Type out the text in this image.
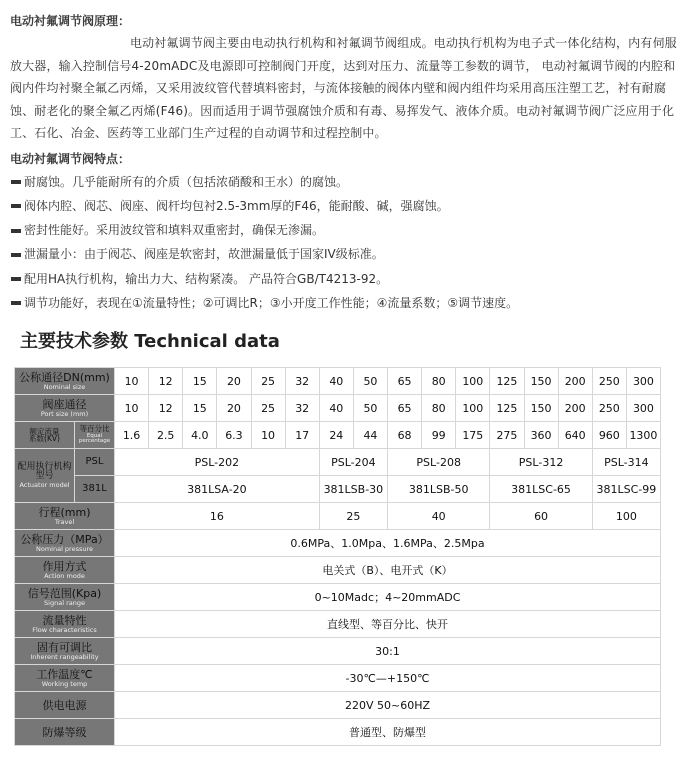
电动衬氟调节阀原理：

电动衬氟调节阀主要由电动执行机构和衬氟调节阀组成。电动执行机构为电子式一体化结构，内有伺服放大器，输入控制信号4-20mADC及电源即可控制阀门开度，达到对压力、流量等工参数的调节， 电动衬氟调节阀的内腔和阀内件均衬聚全氟乙丙烯，又采用波纹管代替填料密封，与流体接触的阀体内壁和阀内组件均采用高压注塑工艺，衬有耐腐蚀、耐老化的聚全氟乙丙烯(F46)。因而适用于调节强腐蚀介质和有毒、易挥发气、液体介质。电动衬氟调节阀广泛应用于化工、石化、冶金、医药等工业部门生产过程的自动调节和过程控制中。

电动衬氟调节阀特点：

耐腐蚀。几乎能耐所有的介质（包括浓硝酸和王水）的腐蚀。

阀体内腔、阀芯、阀座、阀杆均包衬2.5-3mm厚的F46，能耐酸、碱，强腐蚀。

密封性能好。采用波纹管和填料双重密封，确保无渗漏。

泄漏量小：由于阀芯、阀座是软密封，故泄漏量低于国家IV级标准。

配用HA执行机构，输出力大、结构紧凑。 产品符合GB/T4213-92。

调节功能好，表现在①流量特性；②可调比R；③小开度工作性能；④流量系数；⑤调节速度。

主要技术参数 Technical data

公称通径DN(mm)
Nominal size		10	12	15	20	25	32	40	50	65	80	100	125	150	200	250	300

阀座通径
Port size (mm)		10	12	15	20	25	32	40	50	65	80	100	125	150	200	250	300

额定流量
系数(KV)	等百分比
Equal percentage	1.6	2.5	4.0	6.3	10	17	24	44	68	99	175	275	360	640	960	1300

配用执行机构型号
Actuator model	PSL	PSL-202						PSL-204		PSL-208			PSL-312			PSL-314	
	381L	381LSA-20						381LSB-30		381LSB-50			381LSC-65			381LSC-99	

行程(mm)
Travel		16						25		40			60			100	

公称压力（MPa）
Nominal pressure		0.6MPa、1.0Mpa、1.6MPa、2.5Mpa															

作用方式
Action mode		电关式（B）、电开式（K）															

信号范围(Kpa)
Signal range		0~10Madc；4~20mmADC															

流量特性
Flow characteristics		直线型、等百分比、快开															

固有可调比
Inherent rangeability		30:1															

工作温度℃
Working temp		-30℃—+150℃															

供电电源		220V 50~60HZ															

防爆等级		普通型、防爆型															
